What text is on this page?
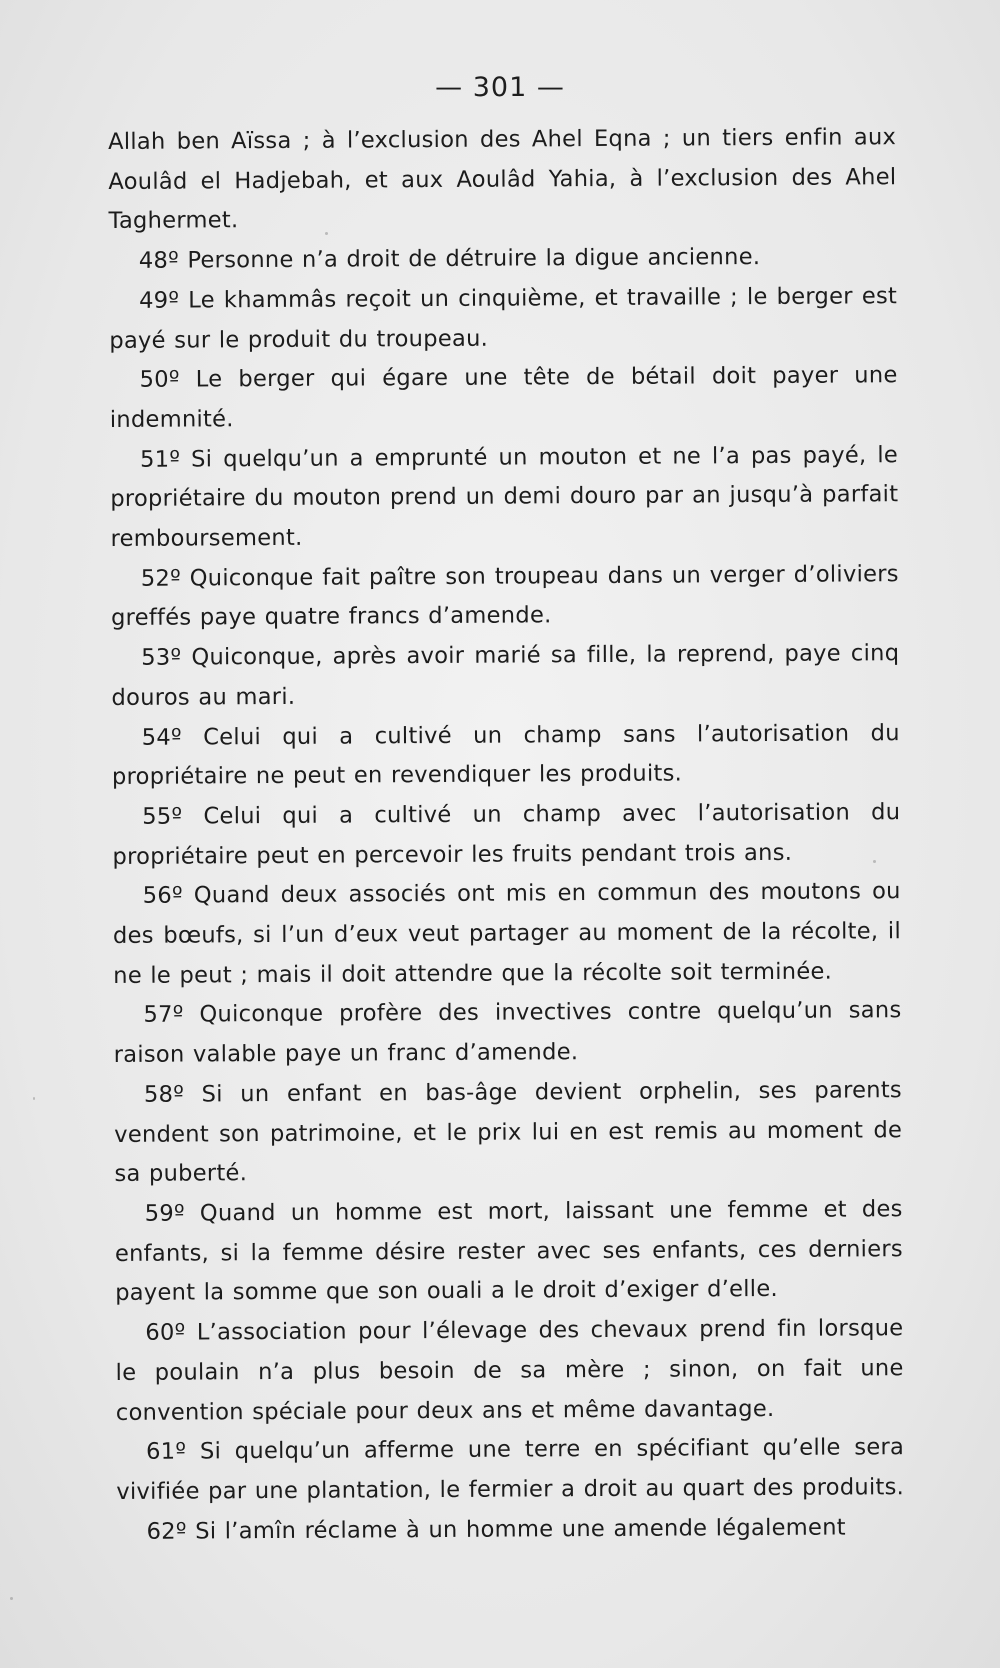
— 301 —

Allah ben Aïssa ; à l’exclusion des Ahel Eqna ; un tiers enfin aux Aoulâd el Hadjebah, et aux Aoulâd Yahia, à l’exclusion des Ahel Taghermet.

48º Personne n’a droit de détruire la digue ancienne.

49º Le khammâs reçoit un cinquième, et travaille ; le berger est payé sur le produit du troupeau.

50º Le berger qui égare une tête de bétail doit payer une indemnité.

51º Si quelqu’un a emprunté un mouton et ne l’a pas payé, le propriétaire du mouton prend un demi douro par an jusqu’à parfait remboursement.

52º Quiconque fait paître son troupeau dans un verger d’oliviers greffés paye quatre francs d’amende.

53º Quiconque, après avoir marié sa fille, la reprend, paye cinq douros au mari.

54º Celui qui a cultivé un champ sans l’autorisation du propriétaire ne peut en revendiquer les produits.

55º Celui qui a cultivé un champ avec l’autorisation du propriétaire peut en percevoir les fruits pendant trois ans.

56º Quand deux associés ont mis en commun des moutons ou des bœufs, si l’un d’eux veut partager au moment de la récolte, il ne le peut ; mais il doit attendre que la récolte soit terminée.

57º Quiconque profère des invectives contre quelqu’un sans raison valable paye un franc d’amende.

58º Si un enfant en bas-âge devient orphelin, ses parents vendent son patrimoine, et le prix lui en est remis au moment de sa puberté.

59º Quand un homme est mort, laissant une femme et des enfants, si la femme désire rester avec ses enfants, ces derniers payent la somme que son ouali a le droit d’exiger d’elle.

60º L’association pour l’élevage des chevaux prend fin lorsque le poulain n’a plus besoin de sa mère ; sinon, on fait une convention spéciale pour deux ans et même davantage.

61º Si quelqu’un afferme une terre en spécifiant qu’elle sera vivifiée par une plantation, le fermier a droit au quart des produits.

62º Si l’amîn réclame à un homme une amende légalement
